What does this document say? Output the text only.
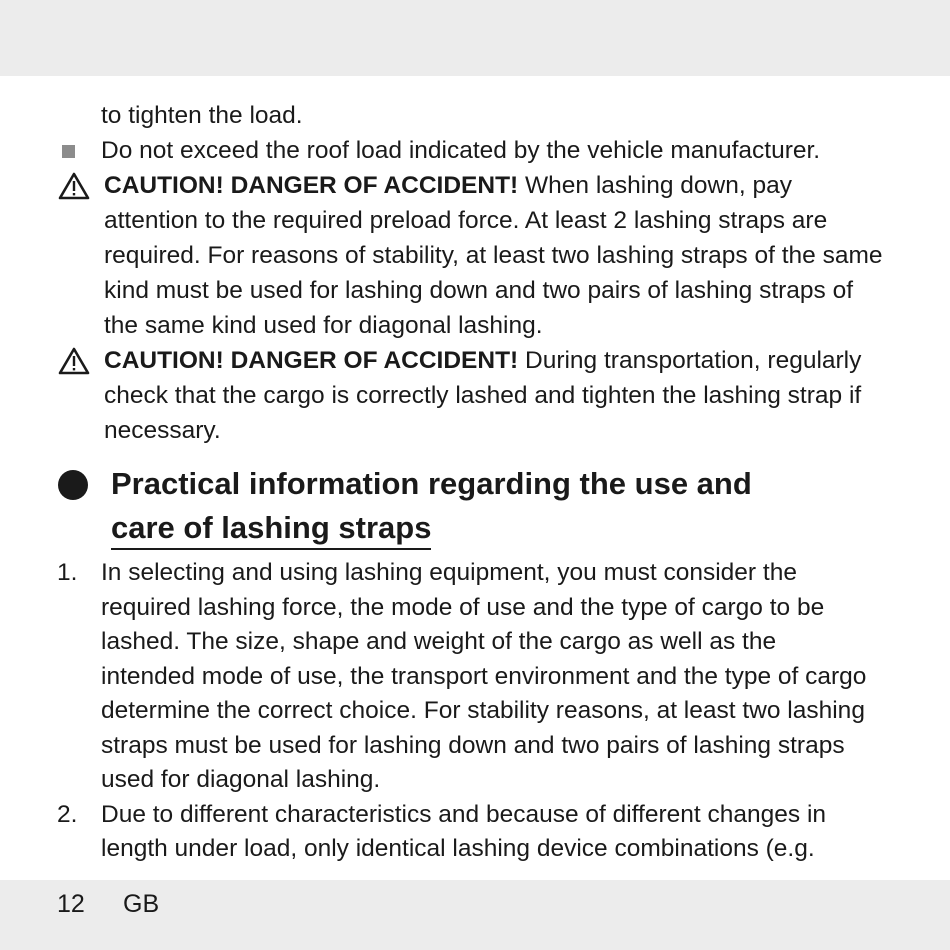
to tighten the load.
Do not exceed the roof load indicated by the vehicle manufacturer.
CAUTION! DANGER OF ACCIDENT! When lashing down, pay attention to the required preload force. At least 2 lashing straps are required. For reasons of stability, at least two lashing straps of the same kind must be used for lashing down and two pairs of lashing straps of the same kind used for diagonal lashing.
CAUTION! DANGER OF ACCIDENT! During transportation, regularly check that the cargo is correctly lashed and tighten the lashing strap if necessary.
Practical information regarding the use and
care of lashing straps
1. In selecting and using lashing equipment, you must consider the required lashing force, the mode of use and the type of cargo to be lashed. The size, shape and weight of the cargo as well as the intended mode of use, the transport environment and the type of cargo determine the correct choice. For stability reasons, at least two lashing straps must be used for lashing down and two pairs of lashing straps used for diagonal lashing.
2. Due to different characteristics and because of different changes in length under load, only identical lashing device combinations (e.g.
12 GB
